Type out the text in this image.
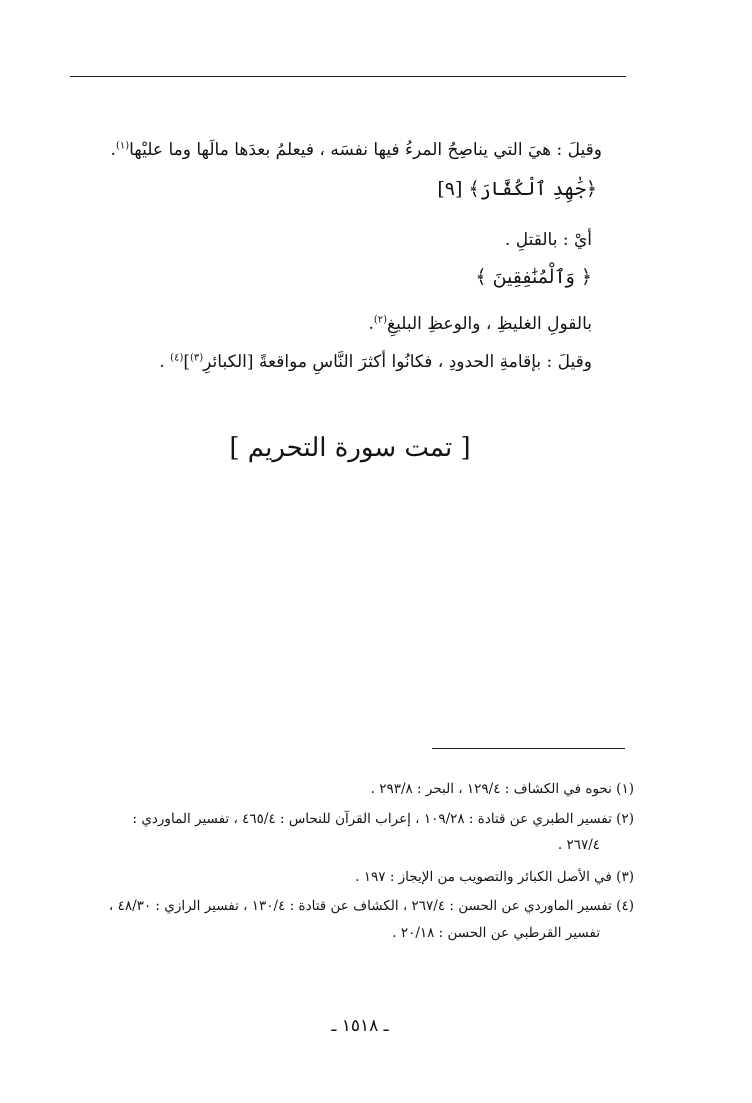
وقيلَ : هيَ التي يناصِحُ المرءُ فيها نفسَه ، فيعلمُ بعدَها مالَها وما عليْها$^{(١)}$.
﴿جَٰهِدِ ٱلْكُفَّارَ﴾ [٩]
أيْ : بالقتلِ .
﴿ وَٱلْمُنَٰفِقِينَ ﴾
بالقولِ الغليظِ ، والوعظِ البليغِ$^{(٢)}$.
وقيلَ : بإقامةِ الحدودِ ، فكانُوا أكثرَ النَّاسِ مواقعةً [الكبائرِ$^{(٣)}$]$^{(٤)}$ .
[ تمت سورة التحريم ]
(١) نحوه في الكشاف : ١٢٩/٤ ، البحر : ٢٩٣/٨ .
(٢) تفسير الطبري عن قتادة : ١٠٩/٢٨ ، إعراب القرآن للنحاس : ٤٦٥/٤ ، تفسير الماوردي :
٢٦٧/٤ .
(٣) في الأصل الكبائر والتصويب من الإيجاز : ١٩٧ .
(٤) تفسير الماوردي عن الحسن : ٢٦٧/٤ ، الكشاف عن قتادة : ١٣٠/٤ ، تفسير الرازي : ٤٨/٣٠ ،
تفسير القرطبي عن الحسن : ٢٠/١٨ .
ـ ١٥١٨ ـ
